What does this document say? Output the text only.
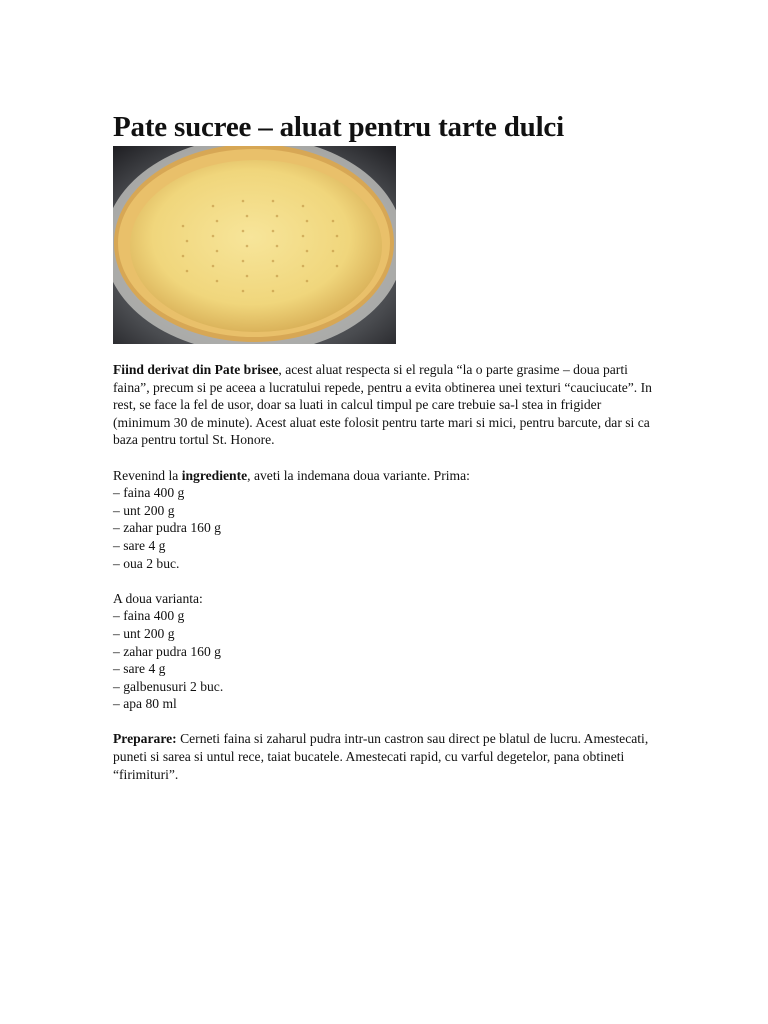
Pate sucree – aluat pentru tarte dulci

Fiind derivat din Pate brisee, acest aluat respecta si el regula “la o parte grasime – doua parti faina”, precum si pe aceea a lucratului repede, pentru a evita obtinerea unei texturi “cauciucate”. In rest, se face la fel de usor, doar sa luati in calcul timpul pe care trebuie sa-l stea in frigider (minimum 30 de minute). Acest aluat este folosit pentru tarte mari si mici, pentru barcute, dar si ca baza pentru tortul St. Honore.

Revenind la ingrediente, aveti la indemana doua variante. Prima:

– faina 400 g
– unt 200 g
– zahar pudra 160 g
– sare 4 g
– oua 2 buc.

A doua varianta:

– faina 400 g
– unt 200 g
– zahar pudra 160 g
– sare 4 g
– galbenusuri 2 buc.
– apa 80 ml

Preparare: Cerneti faina si zaharul pudra intr-un castron sau direct pe blatul de lucru. Amestecati, puneti si sarea si untul rece, taiat bucatele. Amestecati rapid, cu varful degetelor, pana obtineti “firimituri”.
